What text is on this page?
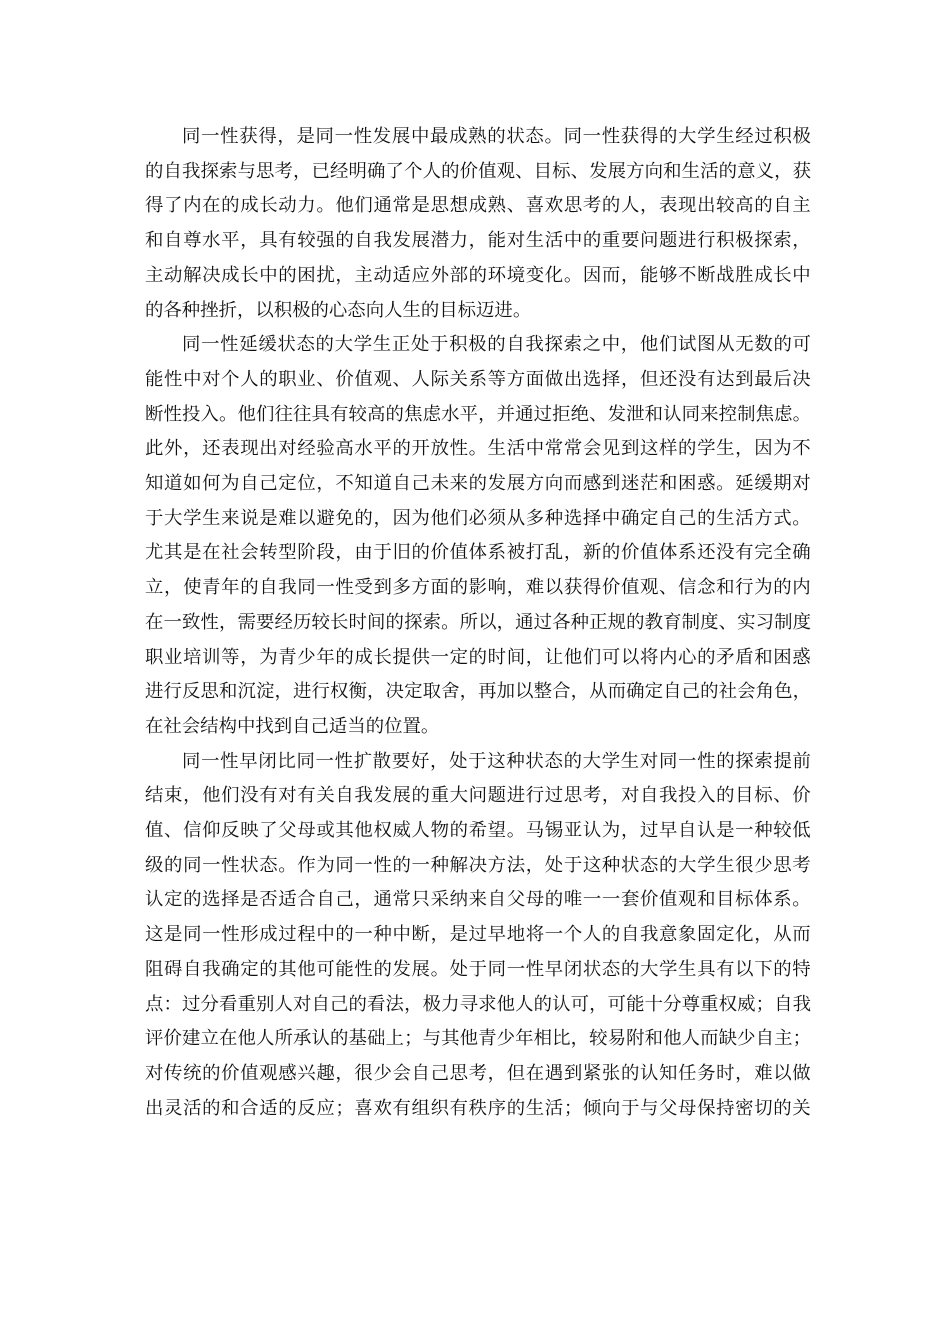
同一性获得，是同一性发展中最成熟的状态。同一性获得的大学生经过积极
的自我探索与思考，已经明确了个人的价值观、目标、发展方向和生活的意义，获
得了内在的成长动力。他们通常是思想成熟、喜欢思考的人，表现出较高的自主
和自尊水平，具有较强的自我发展潜力，能对生活中的重要问题进行积极探索，
主动解决成长中的困扰，主动适应外部的环境变化。因而，能够不断战胜成长中
的各种挫折，以积极的心态向人生的目标迈进。
同一性延缓状态的大学生正处于积极的自我探索之中，他们试图从无数的可
能性中对个人的职业、价值观、人际关系等方面做出选择，但还没有达到最后决
断性投入。他们往往具有较高的焦虑水平，并通过拒绝、发泄和认同来控制焦虑。
此外，还表现出对经验高水平的开放性。生活中常常会见到这样的学生，因为不
知道如何为自己定位，不知道自己未来的发展方向而感到迷茫和困惑。延缓期对
于大学生来说是难以避免的，因为他们必须从多种选择中确定自己的生活方式。
尤其是在社会转型阶段，由于旧的价值体系被打乱，新的价值体系还没有完全确
立，使青年的自我同一性受到多方面的影响，难以获得价值观、信念和行为的内
在一致性，需要经历较长时间的探索。所以，通过各种正规的教育制度、实习制度
职业培训等，为青少年的成长提供一定的时间，让他们可以将内心的矛盾和困惑
进行反思和沉淀，进行权衡，决定取舍，再加以整合，从而确定自己的社会角色，
在社会结构中找到自己适当的位置。
同一性早闭比同一性扩散要好，处于这种状态的大学生对同一性的探索提前
结束，他们没有对有关自我发展的重大问题进行过思考，对自我投入的目标、价
值、信仰反映了父母或其他权威人物的希望。马锡亚认为，过早自认是一种较低
级的同一性状态。作为同一性的一种解决方法，处于这种状态的大学生很少思考
认定的选择是否适合自己，通常只采纳来自父母的唯一一套价值观和目标体系。
这是同一性形成过程中的一种中断，是过早地将一个人的自我意象固定化，从而
阻碍自我确定的其他可能性的发展。处于同一性早闭状态的大学生具有以下的特
点：过分看重别人对自己的看法，极力寻求他人的认可，可能十分尊重权威；自我
评价建立在他人所承认的基础上；与其他青少年相比，较易附和他人而缺少自主；
对传统的价值观感兴趣，很少会自己思考，但在遇到紧张的认知任务时，难以做
出灵活的和合适的反应；喜欢有组织有秩序的生活；倾向于与父母保持密切的关
